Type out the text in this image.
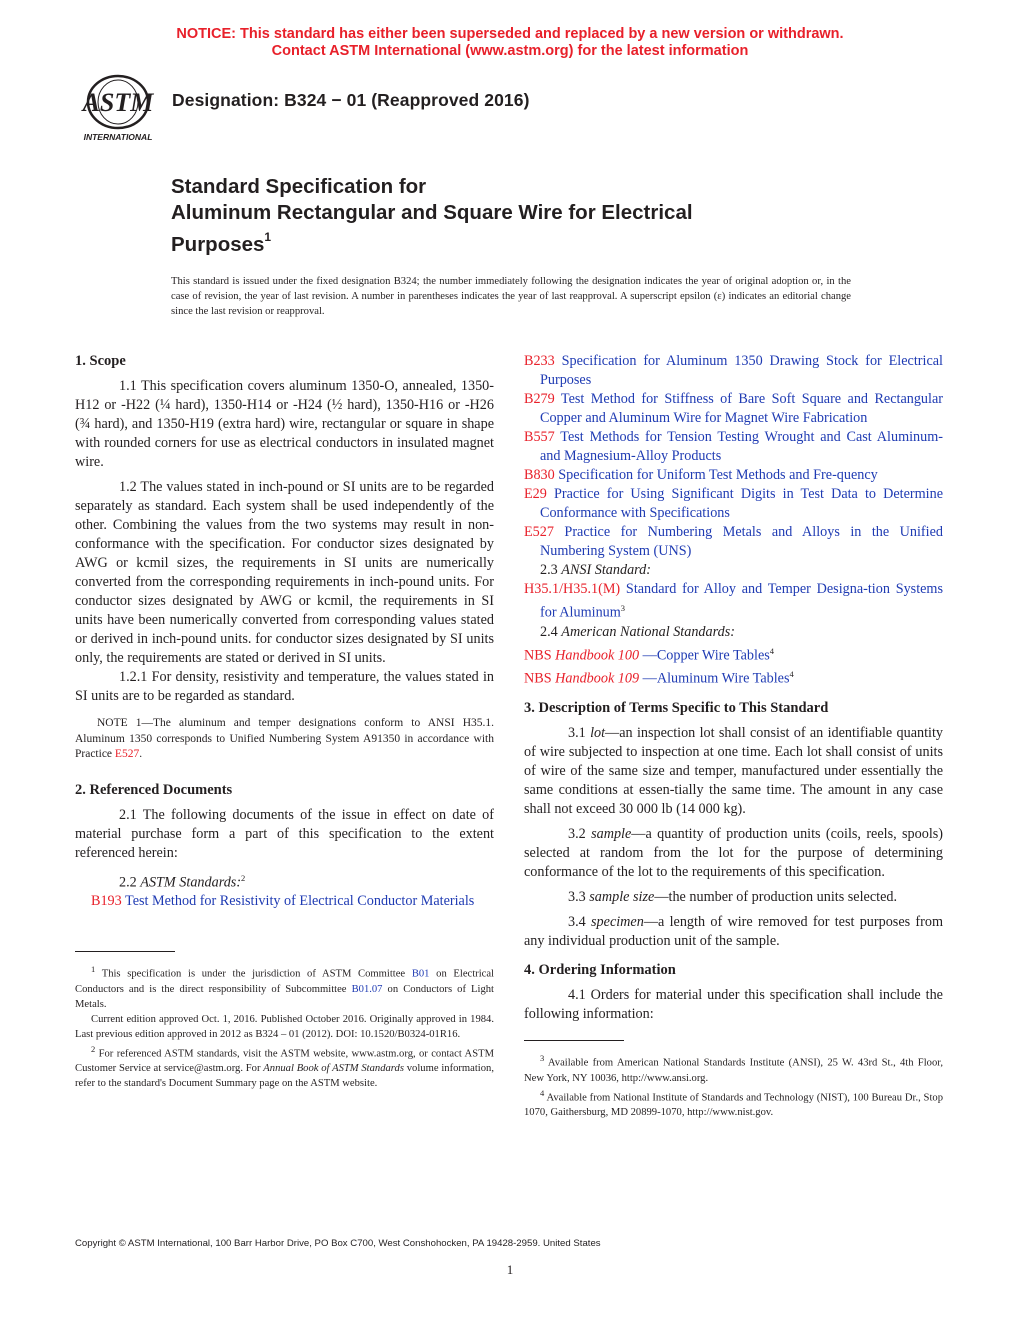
NOTICE: This standard has either been superseded and replaced by a new version or withdrawn.
Contact ASTM International (www.astm.org) for the latest information
ASTM
INTERNATIONAL
Designation: B324 − 01 (Reapproved 2016)
Standard Specification for
Aluminum Rectangular and Square Wire for Electrical
Purposes$^1$
This standard is issued under the fixed designation B324; the number immediately following the designation indicates the year of original adoption or, in the case of revision, the year of last revision. A number in parentheses indicates the year of last reapproval. A superscript epsilon (ε) indicates an editorial change since the last revision or reapproval.
1. Scope

1.1 This specification covers aluminum 1350-O, annealed, 1350-H12 or -H22 (¼ hard), 1350-H14 or -H24 (½ hard), 1350-H16 or -H26 (¾ hard), and 1350-H19 (extra hard) wire, rectangular or square in shape with rounded corners for use as electrical conductors in insulated magnet wire.

1.2 The values stated in inch-pound or SI units are to be regarded separately as standard. Each system shall be used independently of the other. Combining the values from the two systems may result in non-conformance with the specification. For conductor sizes designated by AWG or kcmil sizes, the requirements in SI units are numerically converted from the corresponding requirements in inch-pound units. For conductor sizes designated by AWG or kcmil, the requirements in SI units have been numerically converted from corresponding values stated or derived in inch-pound units. for conductor sizes designated by SI units only, the requirements are stated or derived in SI units.

1.2.1 For density, resistivity and temperature, the values stated in SI units are to be regarded as standard.

NOTE 1—The aluminum and temper designations conform to ANSI H35.1. Aluminum 1350 corresponds to Unified Numbering System A91350 in accordance with Practice E527.

2. Referenced Documents

2.1 The following documents of the issue in effect on date of material purchase form a part of this specification to the extent referenced herein:

2.2 ASTM Standards:$^2$

B193 Test Method for Resistivity of Electrical Conductor Materials

$^1$ This specification is under the jurisdiction of ASTM Committee B01 on Electrical Conductors and is the direct responsibility of Subcommittee B01.07 on Conductors of Light Metals.

Current edition approved Oct. 1, 2016. Published October 2016. Originally approved in 1984. Last previous edition approved in 2012 as B324 – 01 (2012). DOI: 10.1520/B0324-01R16.

$^2$ For referenced ASTM standards, visit the ASTM website, www.astm.org, or contact ASTM Customer Service at service@astm.org. For Annual Book of ASTM Standards volume information, refer to the standard's Document Summary page on the ASTM website.

B233 Specification for Aluminum 1350 Drawing Stock for Electrical Purposes

B279 Test Method for Stiffness of Bare Soft Square and Rectangular Copper and Aluminum Wire for Magnet Wire Fabrication

B557 Test Methods for Tension Testing Wrought and Cast Aluminum- and Magnesium-Alloy Products

B830 Specification for Uniform Test Methods and Fre-quency

E29 Practice for Using Significant Digits in Test Data to Determine Conformance with Specifications

E527 Practice for Numbering Metals and Alloys in the Unified Numbering System (UNS)

2.3 ANSI Standard:

H35.1/H35.1(M) Standard for Alloy and Temper Designa-tion Systems for Aluminum$^3$

2.4 American National Standards:

NBS Handbook 100 —Copper Wire Tables$^4$

NBS Handbook 109 —Aluminum Wire Tables$^4$

3. Description of Terms Specific to This Standard

3.1 lot—an inspection lot shall consist of an identifiable quantity of wire subjected to inspection at one time. Each lot shall consist of units of wire of the same size and temper, manufactured under essentially the same conditions at essen-tially the same time. The amount in any case shall not exceed 30 000 lb (14 000 kg).

3.2 sample—a quantity of production units (coils, reels, spools) selected at random from the lot for the purpose of determining conformance of the lot to the requirements of this specification.

3.3 sample size—the number of production units selected.

3.4 specimen—a length of wire removed for test purposes from any individual production unit of the sample.

4. Ordering Information

4.1 Orders for material under this specification shall include the following information:

$^3$ Available from American National Standards Institute (ANSI), 25 W. 43rd St., 4th Floor, New York, NY 10036, http://www.ansi.org.

$^4$ Available from National Institute of Standards and Technology (NIST), 100 Bureau Dr., Stop 1070, Gaithersburg, MD 20899-1070, http://www.nist.gov.

Copyright © ASTM International, 100 Barr Harbor Drive, PO Box C700, West Conshohocken, PA 19428-2959. United States
1
